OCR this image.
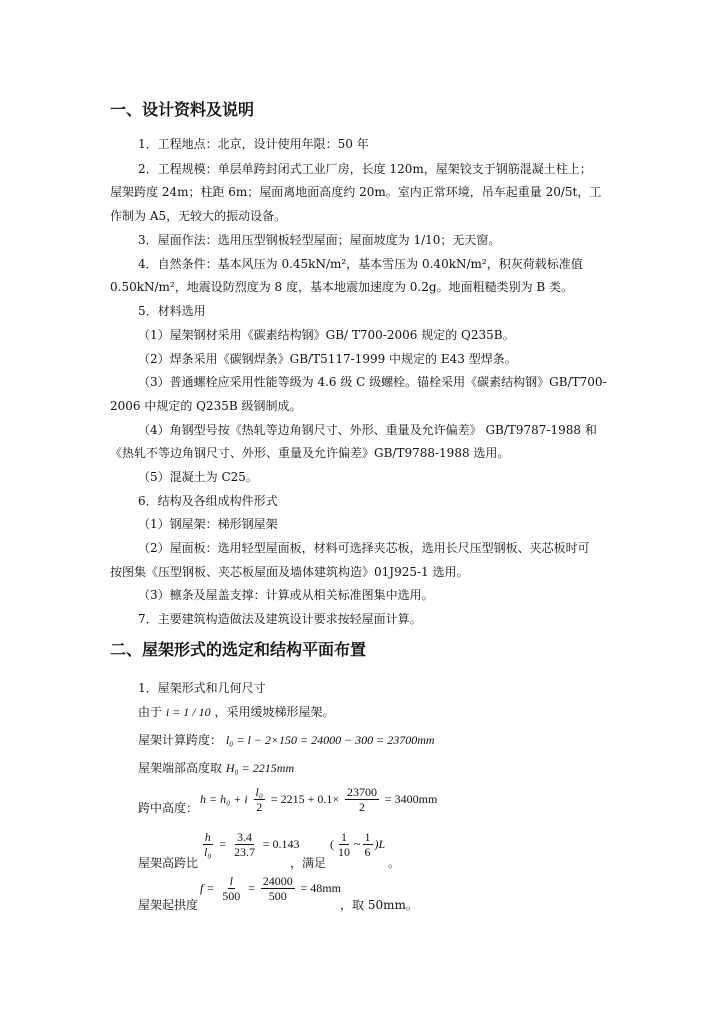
一、设计资料及说明
1．工程地点：北京，设计使用年限：50 年
2．工程规模：单层单跨封闭式工业厂房，长度 120m，屋架铰支于钢筋混凝土柱上；
屋架跨度 24m；柱距 6m；屋面离地面高度约 20m。室内正常环境，吊车起重量 20/5t，工
作制为 A5，无较大的振动设备。
3．屋面作法：选用压型钢板轻型屋面；屋面坡度为 1/10；无天窗。
4．自然条件：基本风压为 0.45kN/m²，基本雪压为 0.40kN/m²，积灰荷载标准值
0.50kN/m²，地震设防烈度为 8 度，基本地震加速度为 0.2g。地面粗糙类别为 B 类。
5．材料选用
（1）屋架钢材采用《碳素结构钢》GB/ T700-2006 规定的 Q235B。
（2）焊条采用《碳钢焊条》GB/T5117-1999 中规定的 E43 型焊条。
（3）普通螺栓应采用性能等级为 4.6 级 C 级螺栓。锚栓采用《碳素结构钢》GB/T700-
2006 中规定的 Q235B 级钢制成。
（4）角钢型号按《热轧等边角钢尺寸、外形、重量及允许偏差》 GB/T9787-1988 和
《热轧不等边角钢尺寸、外形、重量及允许偏差》GB/T9788-1988 选用。
（5）混凝土为 C25。
6．结构及各组成构件形式
（1）钢屋架：梯形钢屋架
（2）屋面板：选用轻型屋面板，材料可选择夹芯板，选用长尺压型钢板、夹芯板时可
按图集《压型钢板、夹芯板屋面及墙体建筑构造》01J925-1 选用。
（3）檩条及屋盖支撑：计算或从相关标准图集中选用。
7．主要建筑构造做法及建筑设计要求按轻屋面计算。
二、屋架形式的选定和结构平面布置
1．屋架形式和几何尺寸
由于 i = 1 / 10 ，采用缓坡梯形屋架。
屋架计算跨度： l₀ = l − 2×150 = 24000 − 300 = 23700mm
屋架端部高度取 H₀ = 2215mm
跨中高度：
h = h₀ + i $\frac{\text{l₀}}{2} = 2215 + 0.1\times \frac{23700}{2} = 3400mm$
屋架高跨比
$\frac{h}{\text{l₀}} = \frac{3.4}{23.7} = 0.143$
，满足
( $\frac{1}{10}$ ~ $\frac{1}{6} )L$
。
屋架起拱度
$f = \frac{l}{500} = \frac{24000}{500} = 48mm$
，取 50mm。
